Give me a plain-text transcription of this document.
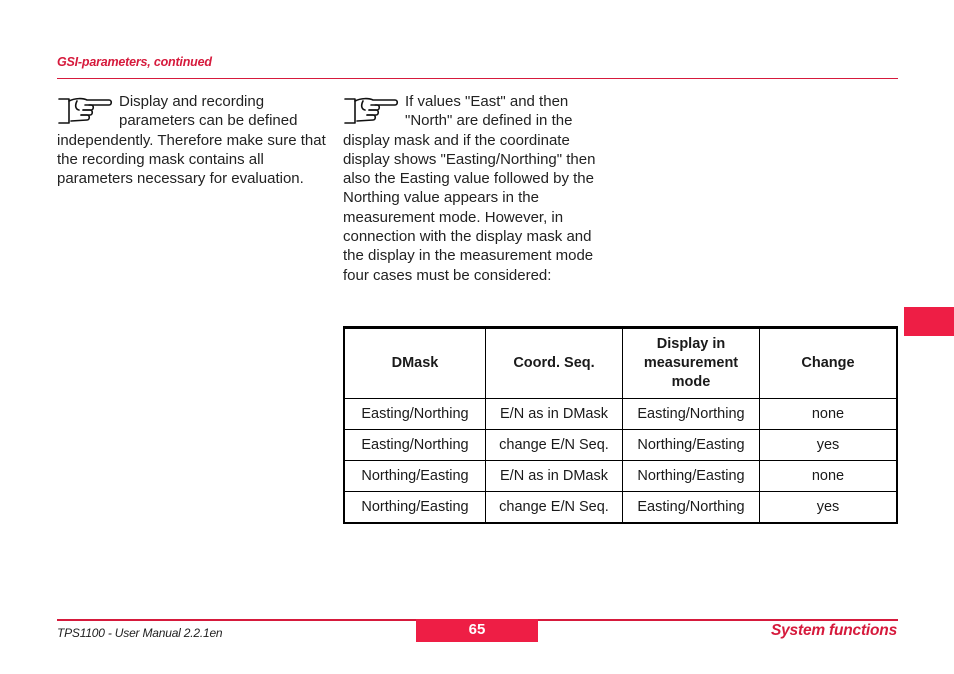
GSI-parameters, continued
Display and recording parameters can be defined independently. Therefore make sure that the recording mask contains all parameters necessary for evaluation.
If values "East" and then "North" are defined in the display mask and if the coordinate display shows "Easting/Northing" then also the Easting value followed by the Northing value appears in the measurement mode. However, in connection with the display mask and the display in the measurement mode four cases must be considered:
DMask	Coord. Seq.	Display in measurement mode	Change
Easting/Northing	E/N as in DMask	Easting/Northing	none
Easting/Northing	change E/N Seq.	Northing/Easting	yes
Northing/Easting	E/N as in DMask	Northing/Easting	none
Northing/Easting	change E/N Seq.	Easting/Northing	yes
TPS1100 - User Manual 2.2.1en	65	System functions
